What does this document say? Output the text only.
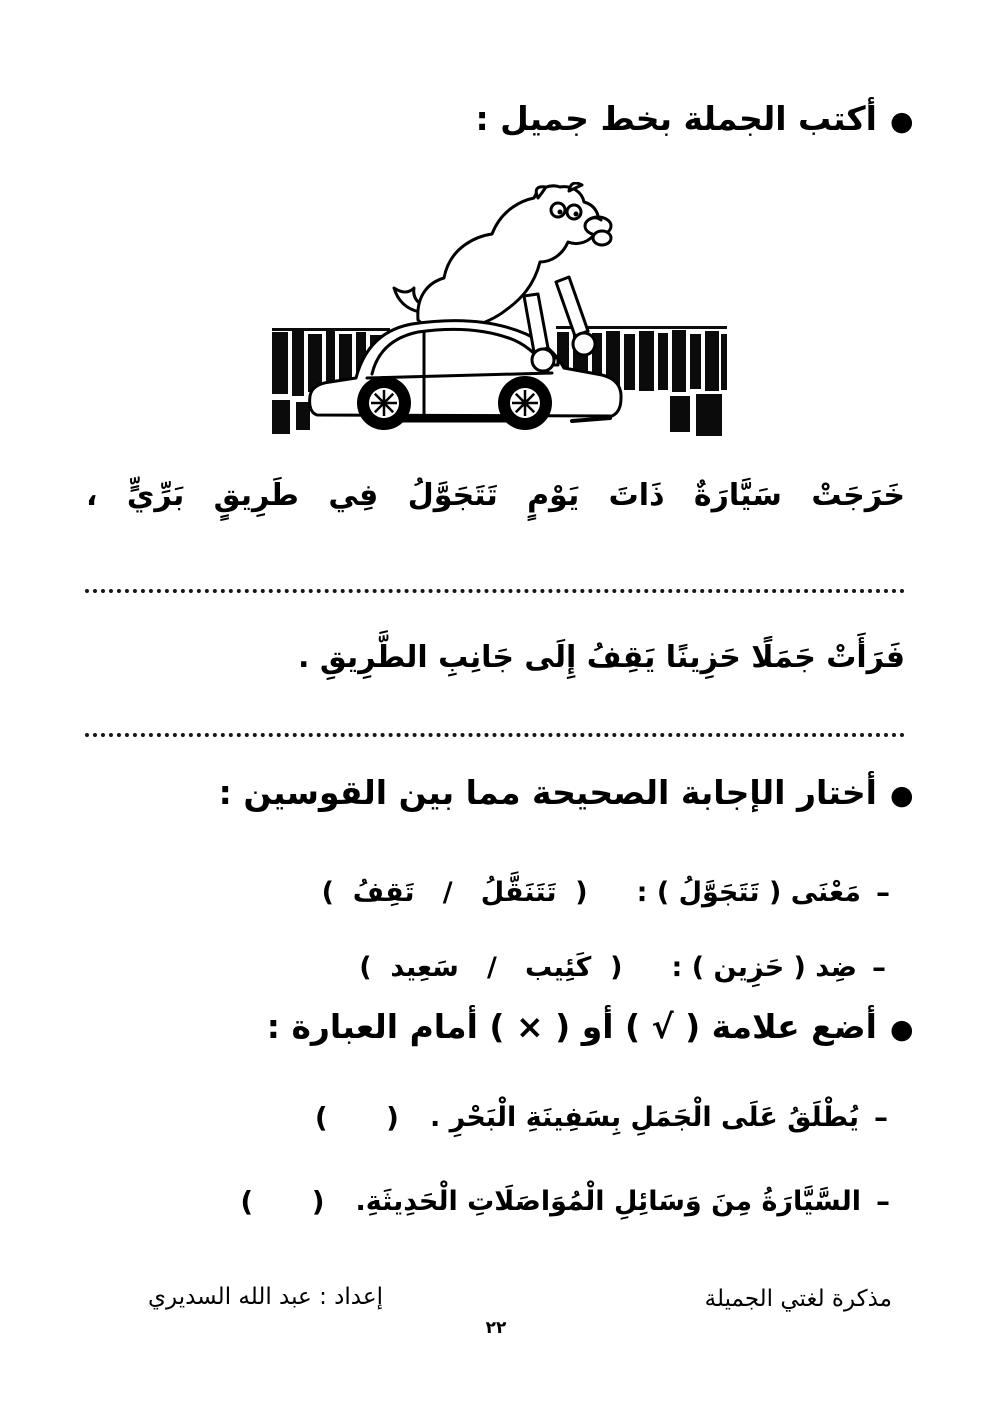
●
أكتب الجملة بخط جميل :
خَرَجَتْ سَيَّارَةٌ ذَاتَ يَوْمٍ تَتَجَوَّلُ فِي طَرِيقٍ بَرِّيٍّ ،
فَرَأَتْ جَمَلًا حَزِينًا يَقِفُ إِلَى جَانِبِ الطَّرِيقِ .
●
أختار الإجابة الصحيحة مما بين القوسين :
–
مَعْنَى ( تَتَجَوَّلُ ) :
(  تَتَنَقَّلُ   /   تَقِفُ  )
–
ضِد ( حَزِين ) :
(  كَئِيب   /   سَعِيد  )
●
أضع علامة ( √ ) أو ( × ) أمام العبارة :
–
يُطْلَقُ عَلَى الْجَمَلِ بِسَفِينَةِ الْبَحْرِ .
(      )
–
السَّيَّارَةُ مِنَ وَسَائِلِ الْمُوَاصَلَاتِ الْحَدِيثَةِ.
(      )
مذكرة لغتي الجميلة
إعداد : عبد الله السديري
٢٢
